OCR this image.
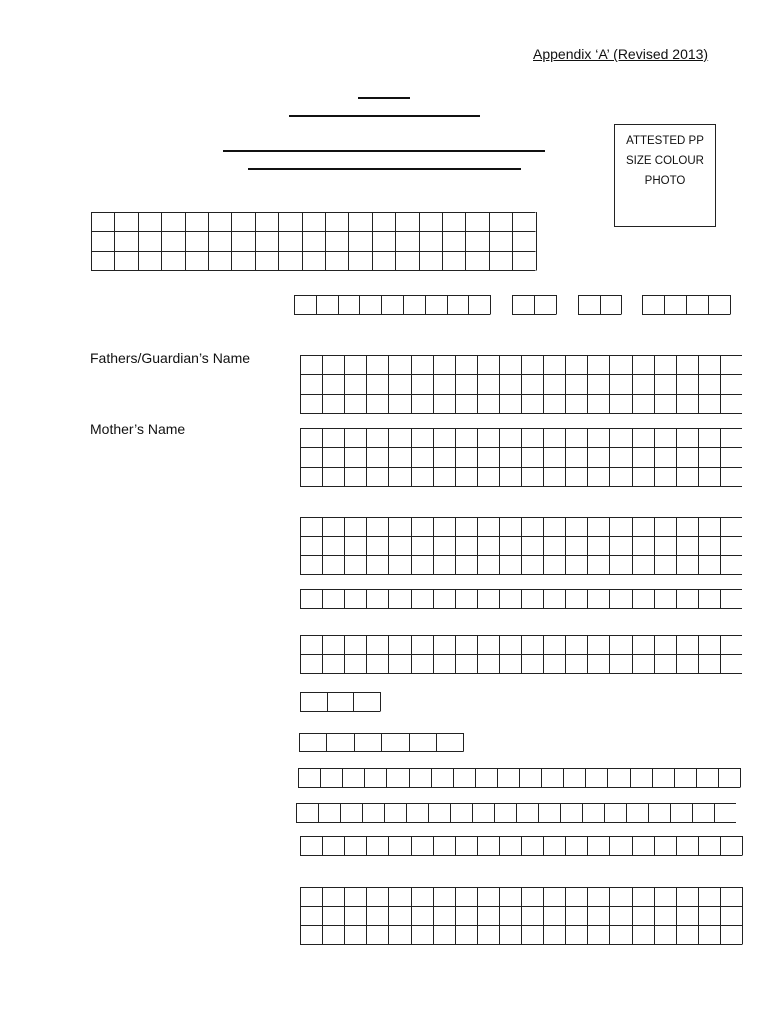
Appendix ‘A’ (Revised 2013)
ATTESTED PP
SIZE COLOUR
PHOTO
Fathers/Guardian’s Name
Mother’s Name
